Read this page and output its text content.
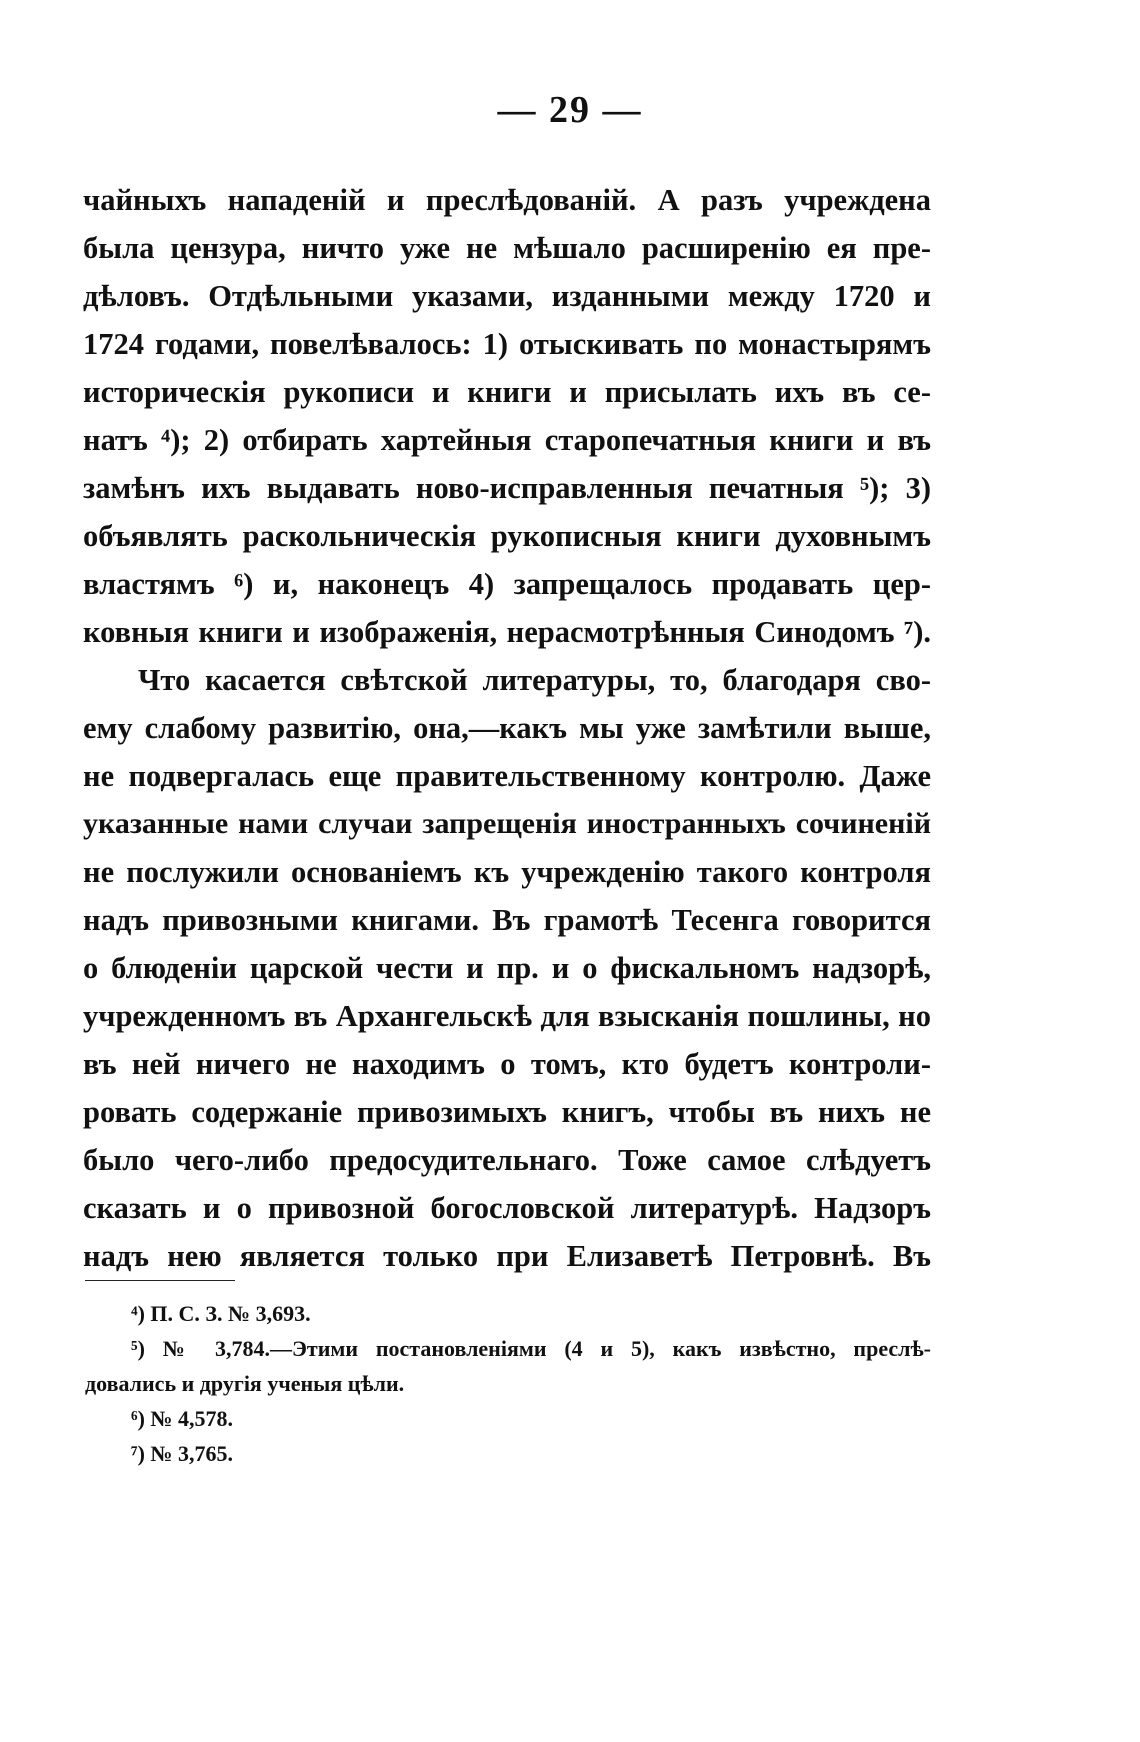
— 29 —
чайныхъ нападеній и преслѣдованій. А разъ учреждена
была цензура, ничто уже не мѣшало расширенію ея пре-
дѣловъ. Отдѣльными указами, изданными между 1720 и
1724 годами, повелѣвалось: 1) отыскивать по монастырямъ
историческія рукописи и книги и присылать ихъ въ се-
натъ ⁴); 2) отбирать хартейныя старопечатныя книги и въ
замѣнъ ихъ выдавать ново-исправленныя печатныя ⁵); 3)
объявлять раскольническія рукописныя книги духовнымъ
властямъ ⁶) и, наконецъ 4) запрещалось продавать цер-
ковныя книги и изображенія, нерасмотрѣнныя Синодомъ ⁷).
Что касается свѣтской литературы, то, благодаря сво-
ему слабому развитію, она,—какъ мы уже замѣтили выше,
не подвергалась еще правительственному контролю. Даже
указанные нами случаи запрещенія иностранныхъ сочиненій
не послужили основаніемъ къ учрежденію такого контроля
надъ привозными книгами. Въ грамотѣ Тесенга говорится
о блюденіи царской чести и пр. и о фискальномъ надзорѣ,
учрежденномъ въ Архангельскѣ для взысканія пошлины, но
въ ней ничего не находимъ о томъ, кто будетъ контроли-
ровать содержаніе привозимыхъ книгъ, чтобы въ нихъ не
было чего-либо предосудительнаго. Тоже самое слѣдуетъ
сказать и о привозной богословской литературѣ. Надзоръ
надъ нею является только при Елизаветѣ Петровнѣ. Въ
⁴) П. С. З. № 3,693.
⁵) № 3,784.—Этими постановленіями (4 и 5), какъ извѣстно, преслѣ-
довались и другія ученыя цѣли.
⁶) № 4,578.
⁷) № 3,765.
